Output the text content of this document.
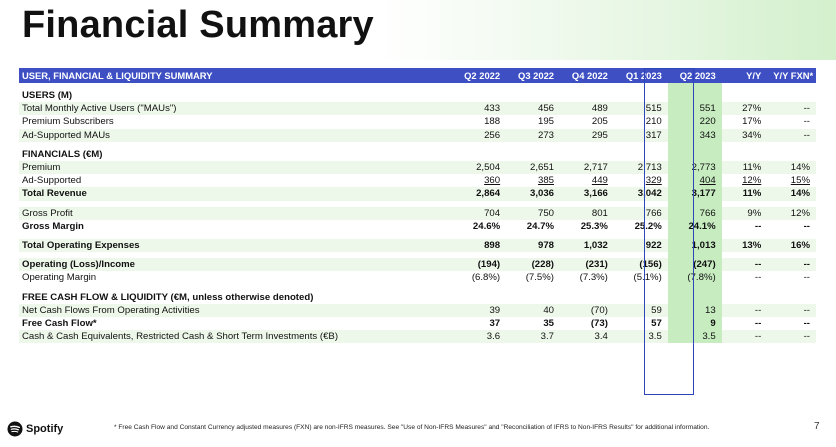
Financial Summary
USER, FINANCIAL & LIQUIDITY SUMMARY	Q2 2022	Q3 2022	Q4 2022	Q1 2023	Q2 2023	Y/Y	Y/Y FXN*

USERS (M)							
Total Monthly Active Users ("MAUs")	433	456	489	515	551	27%	--
Premium Subscribers	188	195	205	210	220	17%	--
Ad-Supported MAUs	256	273	295	317	343	34%	--

FINANCIALS (€M)							
Premium	2,504	2,651	2,717	2,713	2,773	11%	14%
Ad-Supported	360	385	449	329	404	12%	15%
Total Revenue	2,864	3,036	3,166	3,042	3,177	11%	14%

Gross Profit	704	750	801	766	766	9%	12%
Gross Margin	24.6%	24.7%	25.3%	25.2%	24.1%	--	--

Total Operating Expenses	898	978	1,032	922	1,013	13%	16%

Operating (Loss)/Income	(194)	(228)	(231)	(156)	(247)	--	--
Operating Margin	(6.8%)	(7.5%)	(7.3%)	(5.1%)	(7.8%)	--	--

FREE CASH FLOW & LIQUIDITY (€M, unless otherwise denoted)							
Net Cash Flows From Operating Activities	39	40	(70)	59	13	--	--
Free Cash Flow*	37	35	(73)	57	9	--	--
Cash & Cash Equivalents, Restricted Cash & Short Term Investments (€B)	3.6	3.7	3.4	3.5	3.5	--	--
Spotify	* Free Cash Flow and Constant Currency adjusted measures (FXN) are non-IFRS measures. See "Use of Non-IFRS Measures" and "Reconciliation of IFRS to Non-IFRS Results" for additional information.	7
